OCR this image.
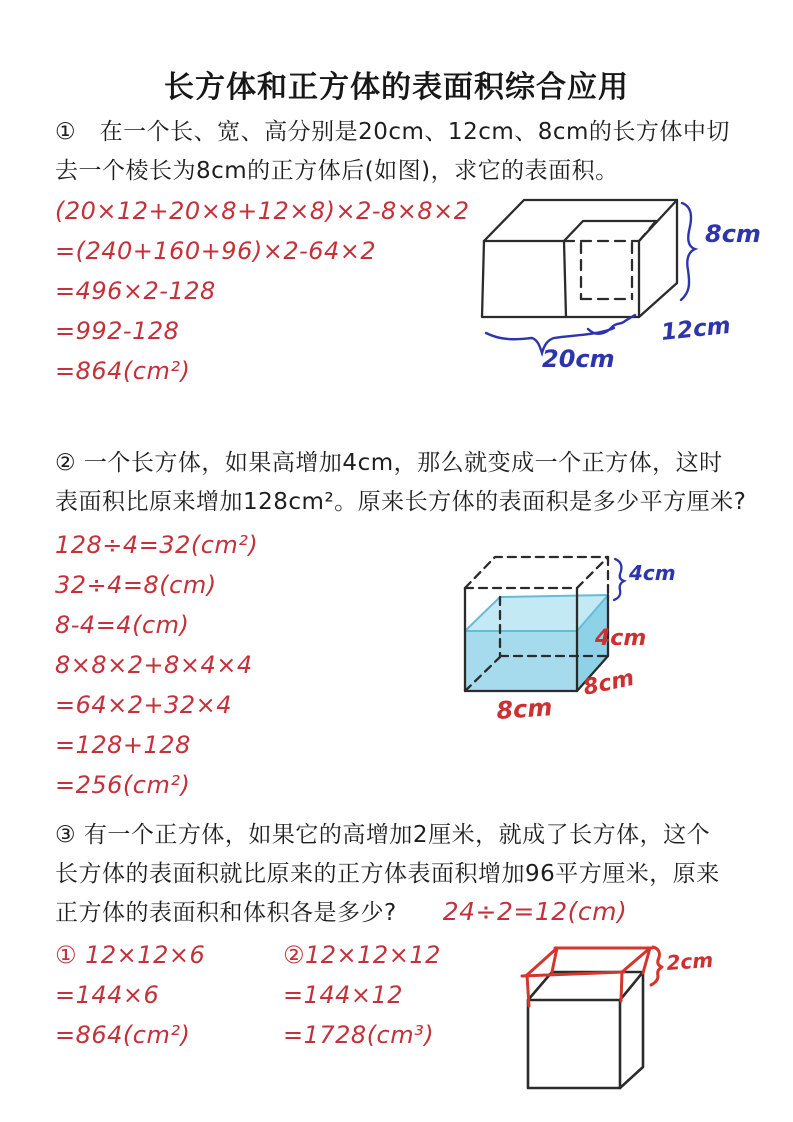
长方体和正方体的表面积综合应用
①　在一个长、宽、高分别是20cm、12cm、8cm的长方体中切
去一个棱长为8cm的正方体后(如图)，求它的表面积。
(20×12+20×8+12×8)×2-8×8×2
=(240+160+96)×2-64×2
=496×2-128
=992-128
=864(cm²)
8cm
12cm
20cm
② 一个长方体，如果高增加4cm，那么就变成一个正方体，这时
表面积比原来增加128cm²。原来长方体的表面积是多少平方厘米?
128÷4=32(cm²)
32÷4=8(cm)
8-4=4(cm)
8×8×2+8×4×4
=64×2+32×4
=128+128
=256(cm²)
4cm
4cm
8cm
8cm
③ 有一个正方体，如果它的高增加2厘米，就成了长方体，这个
长方体的表面积就比原来的正方体表面积增加96平方厘米，原来
正方体的表面积和体积各是多少? 24÷2=12(cm)
① 12×12×6
=144×6
=864(cm²)
②12×12×12
=144×12
=1728(cm³)
2cm
